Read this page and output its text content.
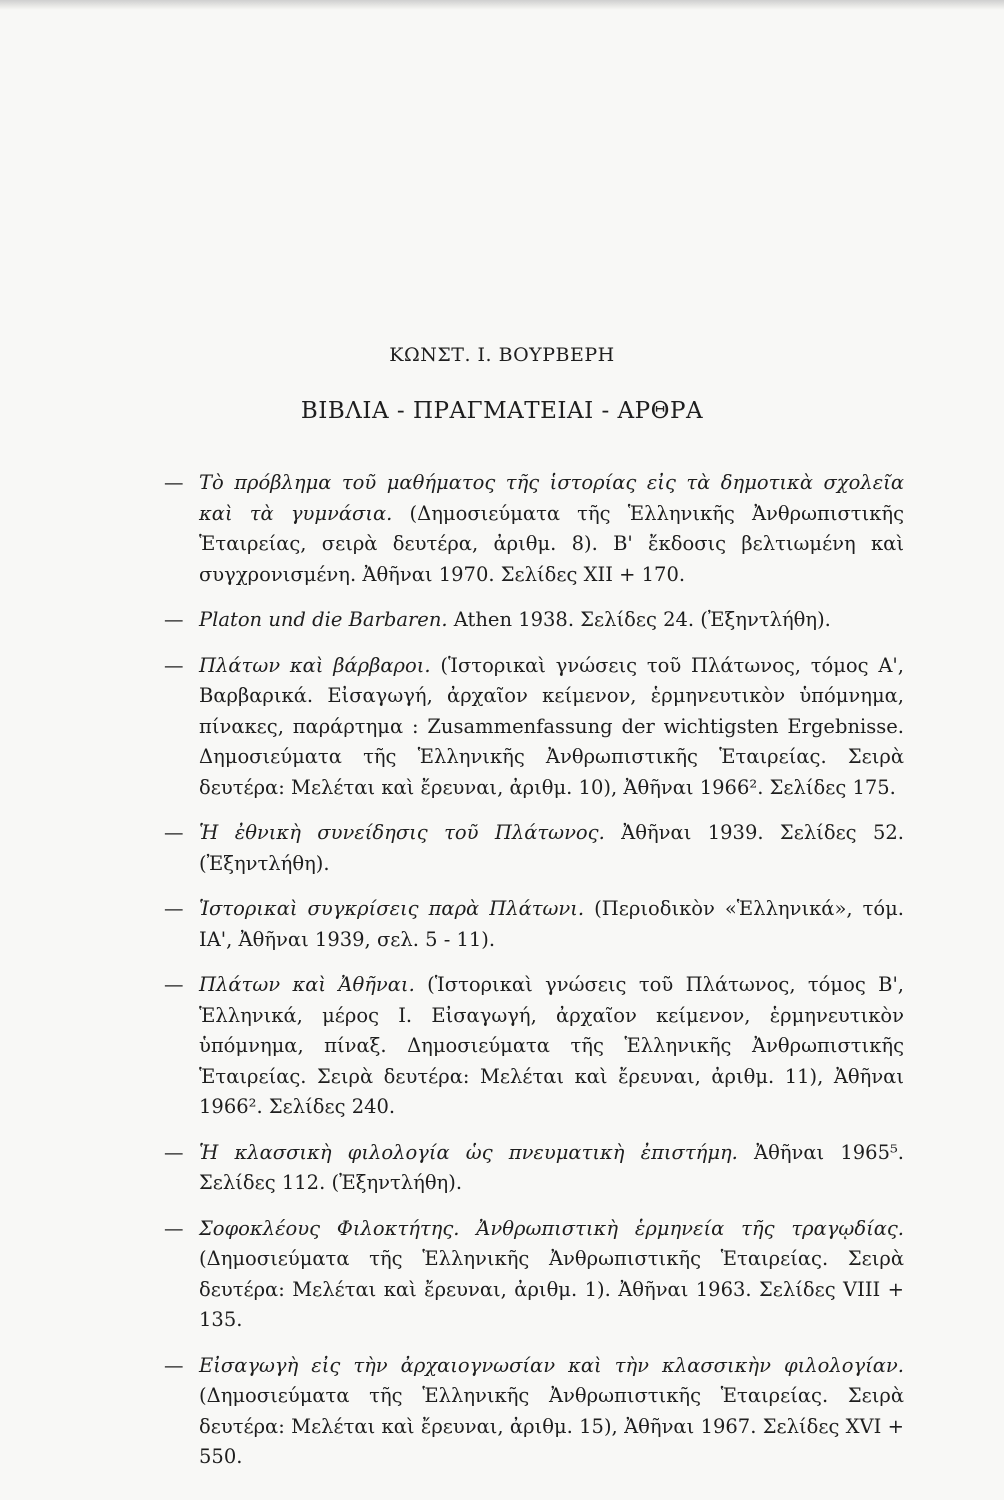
ΚΩΝΣΤ. Ι. ΒΟΥΡΒΕΡΗ
ΒΙΒΛΙΑ - ΠΡΑΓΜΑΤΕΙΑΙ - ΑΡΘΡΑ
— Τὸ πρόβλημα τοῦ μαθήματος τῆς ἱστορίας εἰς τὰ δημοτικὰ σχολεῖα καὶ τὰ γυμνάσια. (Δημοσιεύματα τῆς Ἑλληνικῆς Ἀνθρωπιστικῆς Ἑταιρείας, σειρὰ δευτέρα, ἀριθμ. 8). Β' ἔκδοσις βελτιωμένη καὶ συγχρονισμένη. Ἀθῆναι 1970. Σελίδες XII + 170.
— Platon und die Barbaren. Athen 1938. Σελίδες 24. (Ἐξηντλήθη).
— Πλάτων καὶ βάρβαροι. (Ἱστορικαὶ γνώσεις τοῦ Πλάτωνος, τόμος Α', Βαρβαρικά. Εἰσαγωγή, ἀρχαῖον κείμενον, ἑρμηνευτικὸν ὑπόμνημα, πίνακες, παράρτημα : Zusammenfassung der wichtigsten Ergebnisse. Δημοσιεύματα τῆς Ἑλληνικῆς Ἀνθρωπιστικῆς Ἑταιρείας. Σειρὰ δευτέρα: Μελέται καὶ ἔρευναι, ἀριθμ. 10), Ἀθῆναι 1966². Σελίδες 175.
— Ἡ ἐθνικὴ συνείδησις τοῦ Πλάτωνος. Ἀθῆναι 1939. Σελίδες 52. (Ἐξηντλήθη).
— Ἱστορικαὶ συγκρίσεις παρὰ Πλάτωνι. (Περιοδικὸν «Ἑλληνικά», τόμ. ΙΑ', Ἀθῆναι 1939, σελ. 5 - 11).
— Πλάτων καὶ Ἀθῆναι. (Ἱστορικαὶ γνώσεις τοῦ Πλάτωνος, τόμος Β', Ἑλληνικά, μέρος Ι. Εἰσαγωγή, ἀρχαῖον κείμενον, ἑρμηνευτικὸν ὑπόμνημα, πίναξ. Δημοσιεύματα τῆς Ἑλληνικῆς Ἀνθρωπιστικῆς Ἑταιρείας. Σειρὰ δευτέρα: Μελέται καὶ ἔρευναι, ἀριθμ. 11), Ἀθῆναι 1966². Σελίδες 240.
— Ἡ κλασσικὴ φιλολογία ὡς πνευματικὴ ἐπιστήμη. Ἀθῆναι 1965⁵. Σελίδες 112. (Ἐξηντλήθη).
— Σοφοκλέους Φιλοκτήτης. Ἀνθρωπιστικὴ ἑρμηνεία τῆς τραγῳδίας. (Δημοσιεύματα τῆς Ἑλληνικῆς Ἀνθρωπιστικῆς Ἑταιρείας. Σειρὰ δευτέρα: Μελέται καὶ ἔρευναι, ἀριθμ. 1). Ἀθῆναι 1963. Σελίδες VIII + 135.
— Εἰσαγωγὴ εἰς τὴν ἀρχαιογνωσίαν καὶ τὴν κλασσικὴν φιλολογίαν. (Δημοσιεύματα τῆς Ἑλληνικῆς Ἀνθρωπιστικῆς Ἑταιρείας. Σειρὰ δευτέρα: Μελέται καὶ ἔρευναι, ἀριθμ. 15), Ἀθῆναι 1967. Σελίδες XVI + 550.
